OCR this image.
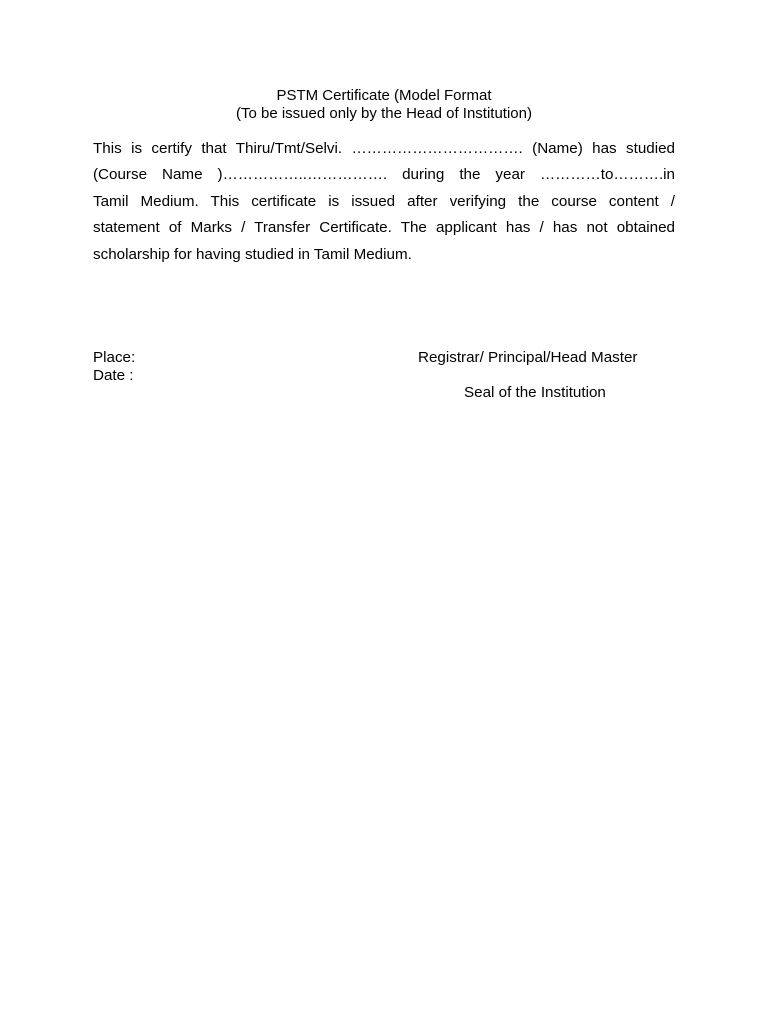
PSTM Certificate (Model Format
(To be issued only by the Head of Institution)
This is certify that Thiru/Tmt/Selvi. ……………………………. (Name) has studied
(Course Name )……………..……………. during the year …………to……….in
Tamil Medium. This certificate is issued after verifying the course content /
statement of Marks / Transfer Certificate. The applicant has / has not obtained
scholarship for having studied in Tamil Medium.
Place:
Date :
Registrar/ Principal/Head Master
Seal of the Institution
